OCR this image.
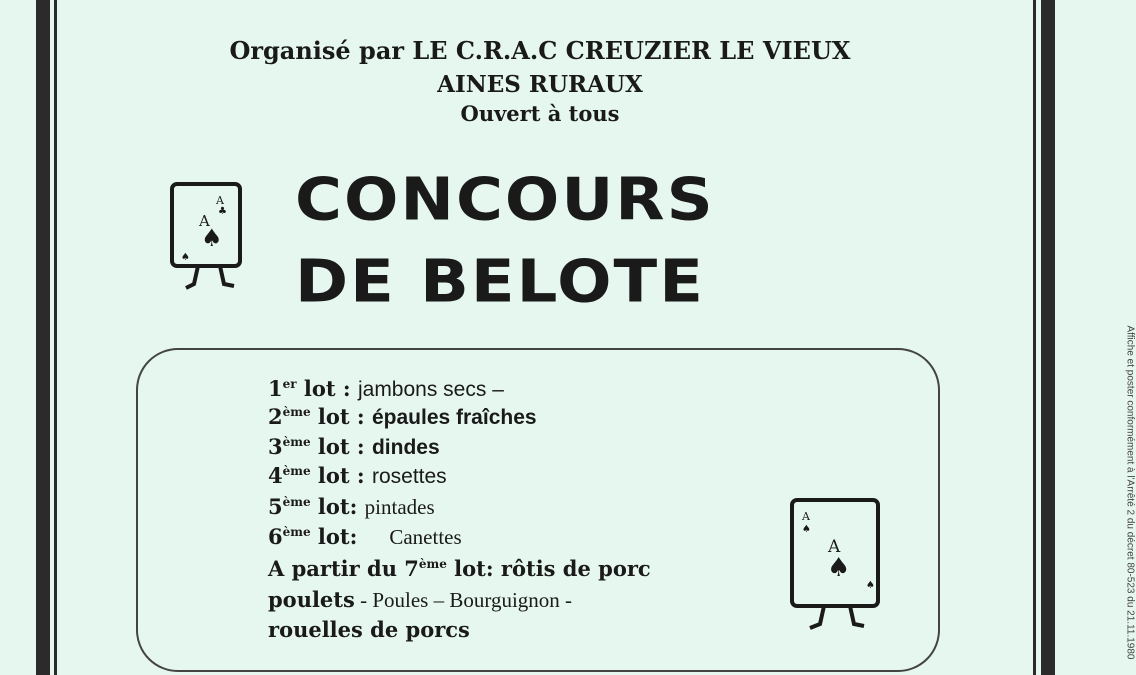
Organisé par LE C.R.A.C CREUZIER LE VIEUX
AINES RURAUX
Ouvert à tous
A
♣
A
♠
♠
CONCOURS
DE BELOTE
1er lot : jambons secs –
2ème lot : épaules fraîches
3ème lot : dindes
4ème lot : rosettes
5ème lot: pintades
6ème lot: Canettes
A partir du 7ème lot: rôtis de porc
poulets - Poules – Bourguignon -
rouelles de porcs
A
♠
A
♠
♠	Affiche et poster conformément à l'Arrêté 2 du décret 80-523 du 21.11.1980
